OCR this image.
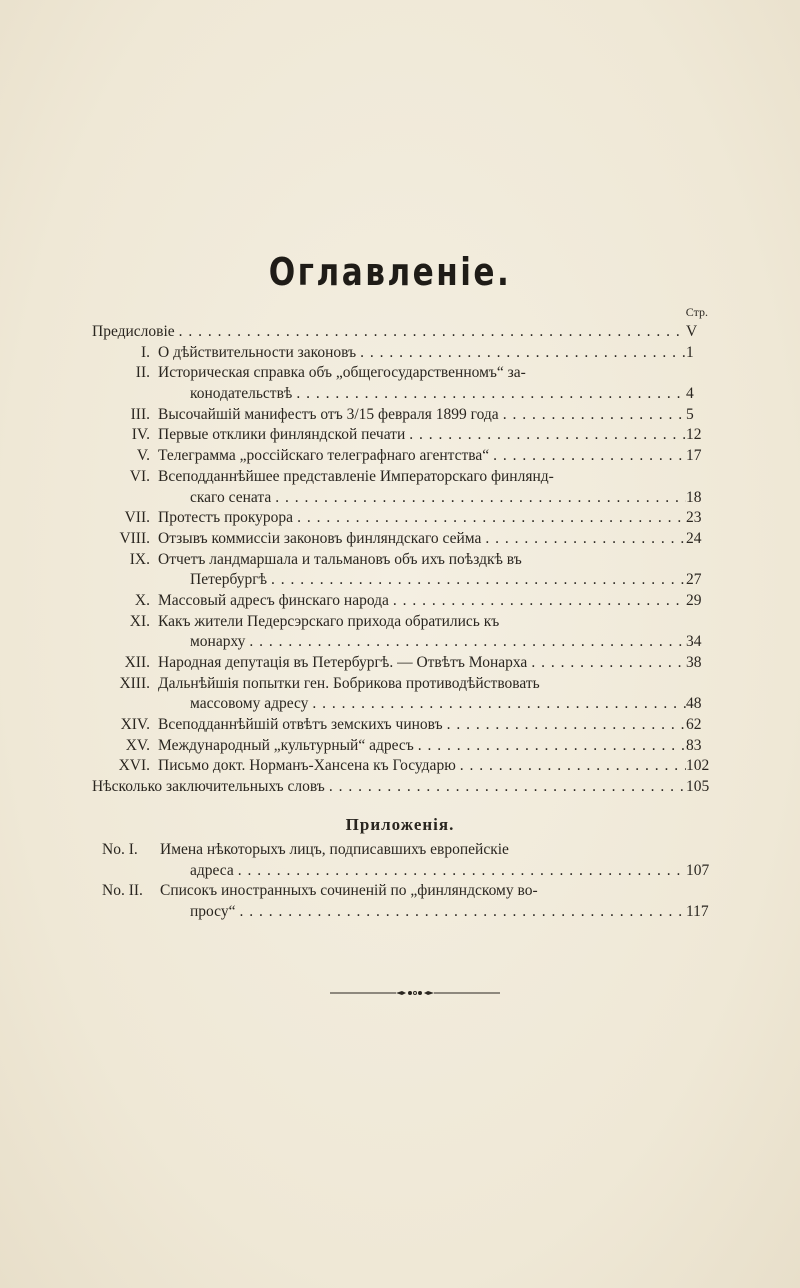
Оглавленіе.
Стр.
Предисловіе . . .	V
I. О дѣйствительности законовъ . . .	1
II. Историческая справка объ „общегосударственномъ“ за-
конодательствѣ . . .	4
III. Высочайшій манифестъ отъ 3/15 февраля 1899 года . . .	5
IV. Первые отклики финляндской печати . . .	12
V. Телеграмма „россійскаго телеграфнаго агентства“ . . .	17
VI. Всеподданнѣйшее представленіе Императорскаго финлянд-
скаго сената . . .	18
VII. Протестъ прокурора . . .	23
VIII. Отзывъ коммиссіи законовъ финляндскаго сейма . . .	24
IX. Отчетъ ландмаршала и тальмановъ объ ихъ поѣздкѣ въ
Петербургѣ . . .	27
X. Массовый адресъ финскаго народа . . .	29
XI. Какъ жители Педерсэрскаго прихода обратились къ
монарху . . .	34
XII. Народная депутація въ Петербургѣ. — Отвѣтъ Монарха . . .	38
XIII. Дальнѣйшія попытки ген. Бобрикова противодѣйствовать
массовому адресу . . .	48
XIV. Всеподданнѣйшій отвѣтъ земскихъ чиновъ . . .	62
XV. Международный „культурный“ адресъ . . .	83
XVI. Письмо докт. Норманъ-Хансена къ Государю . . .	102
Нѣсколько заключительныхъ словъ . . .	105
Приложенія.
No. I.	Имена нѣкоторыхъ лицъ, подписавшихъ европейскіе
адреса . . .	107
No. II.	Списокъ иностранныхъ сочиненій по „финляндскому во-
просу“ . . .	117
